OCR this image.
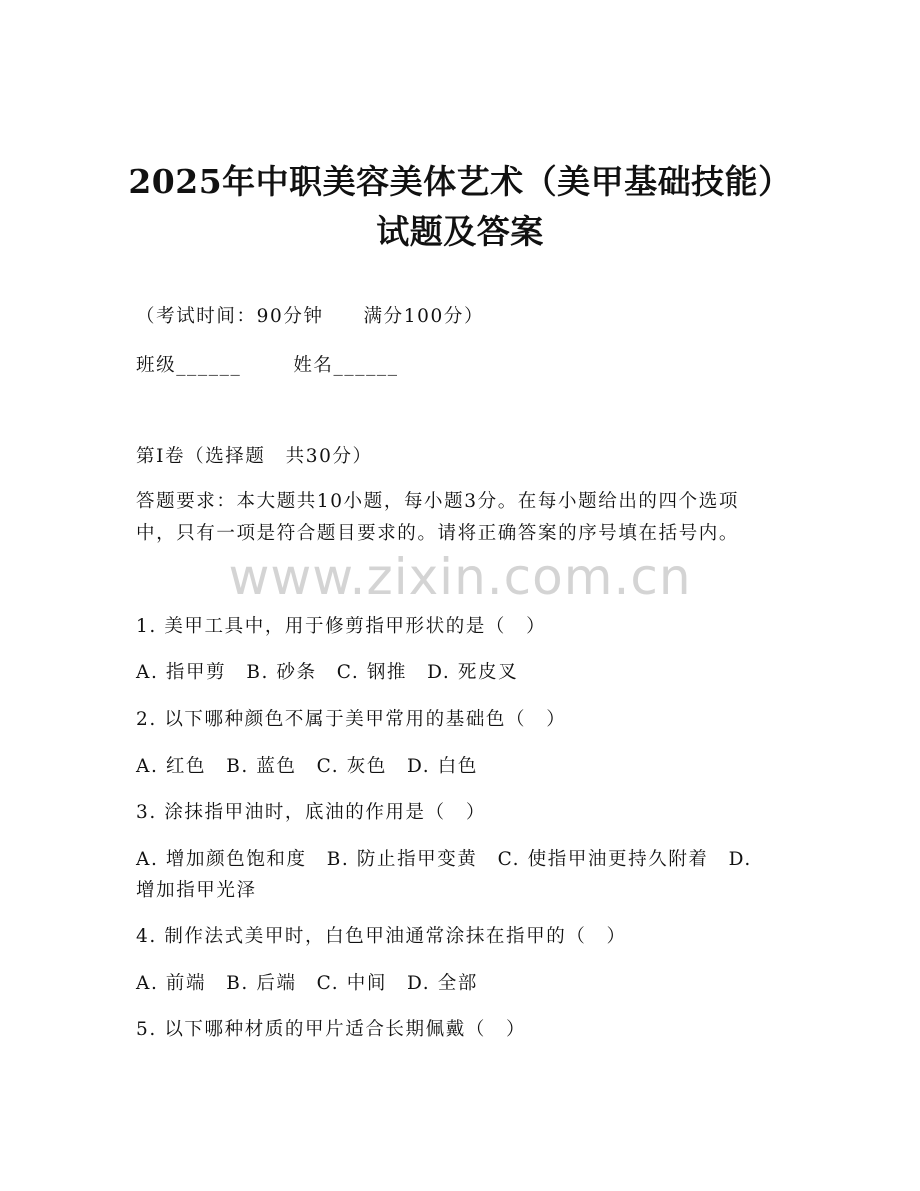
2025年中职美容美体艺术（美甲基础技能）
试题及答案
（考试时间：90分钟 满分100分）
班级______	姓名______
第I卷（选择题　共30分）
答题要求：本大题共10小题，每小题3分。在每小题给出的四个选项
中，只有一项是符合题目要求的。请将正确答案的序号填在括号内。
www.zixin.com.cn
1. 美甲工具中，用于修剪指甲形状的是（　）
A. 指甲剪　B. 砂条　C. 钢推　D. 死皮叉
2. 以下哪种颜色不属于美甲常用的基础色（　）
A. 红色　B. 蓝色　C. 灰色　D. 白色
3. 涂抹指甲油时，底油的作用是（　）
A. 增加颜色饱和度　B. 防止指甲变黄　C. 使指甲油更持久附着　D.
增加指甲光泽
4. 制作法式美甲时，白色甲油通常涂抹在指甲的（　）
A. 前端　B. 后端　C. 中间　D. 全部
5. 以下哪种材质的甲片适合长期佩戴（　）
